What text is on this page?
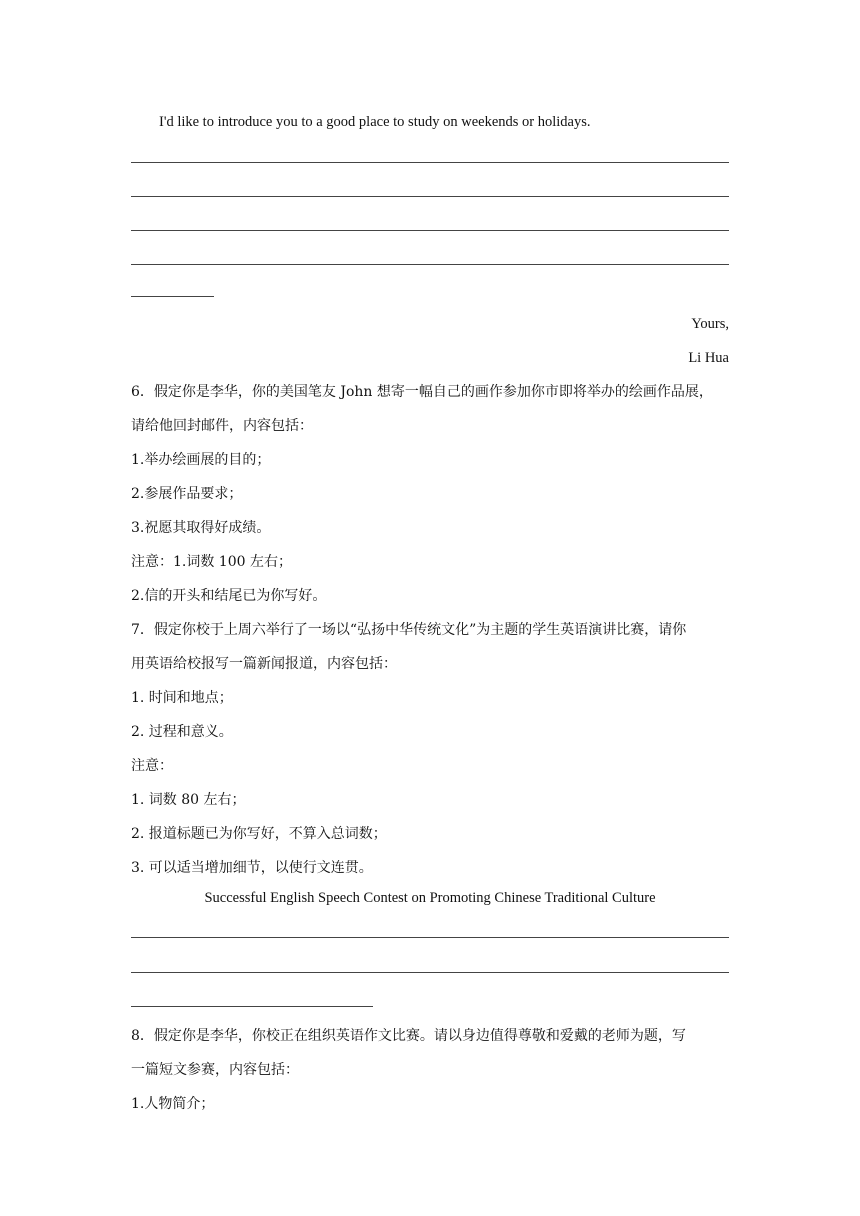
I'd like to introduce you to a good place to study on weekends or holidays.
Yours,
Li Hua
6．假定你是李华，你的美国笔友 John 想寄一幅自己的画作参加你市即将举办的绘画作品展，
请给他回封邮件，内容包括：
1.举办绘画展的目的；
2.参展作品要求；
3.祝愿其取得好成绩。
注意：1.词数 100 左右；
2.信的开头和结尾已为你写好。
7．假定你校于上周六举行了一场以“弘扬中华传统文化”为主题的学生英语演讲比赛，请你
用英语给校报写一篇新闻报道，内容包括：
1. 时间和地点；
2. 过程和意义。
注意：
1. 词数 80 左右；
2. 报道标题已为你写好，不算入总词数；
3. 可以适当增加细节，以使行文连贯。
Successful English Speech Contest on Promoting Chinese Traditional Culture
8．假定你是李华，你校正在组织英语作文比赛。请以身边值得尊敬和爱戴的老师为题，写
一篇短文参赛，内容包括：
1.人物简介；
